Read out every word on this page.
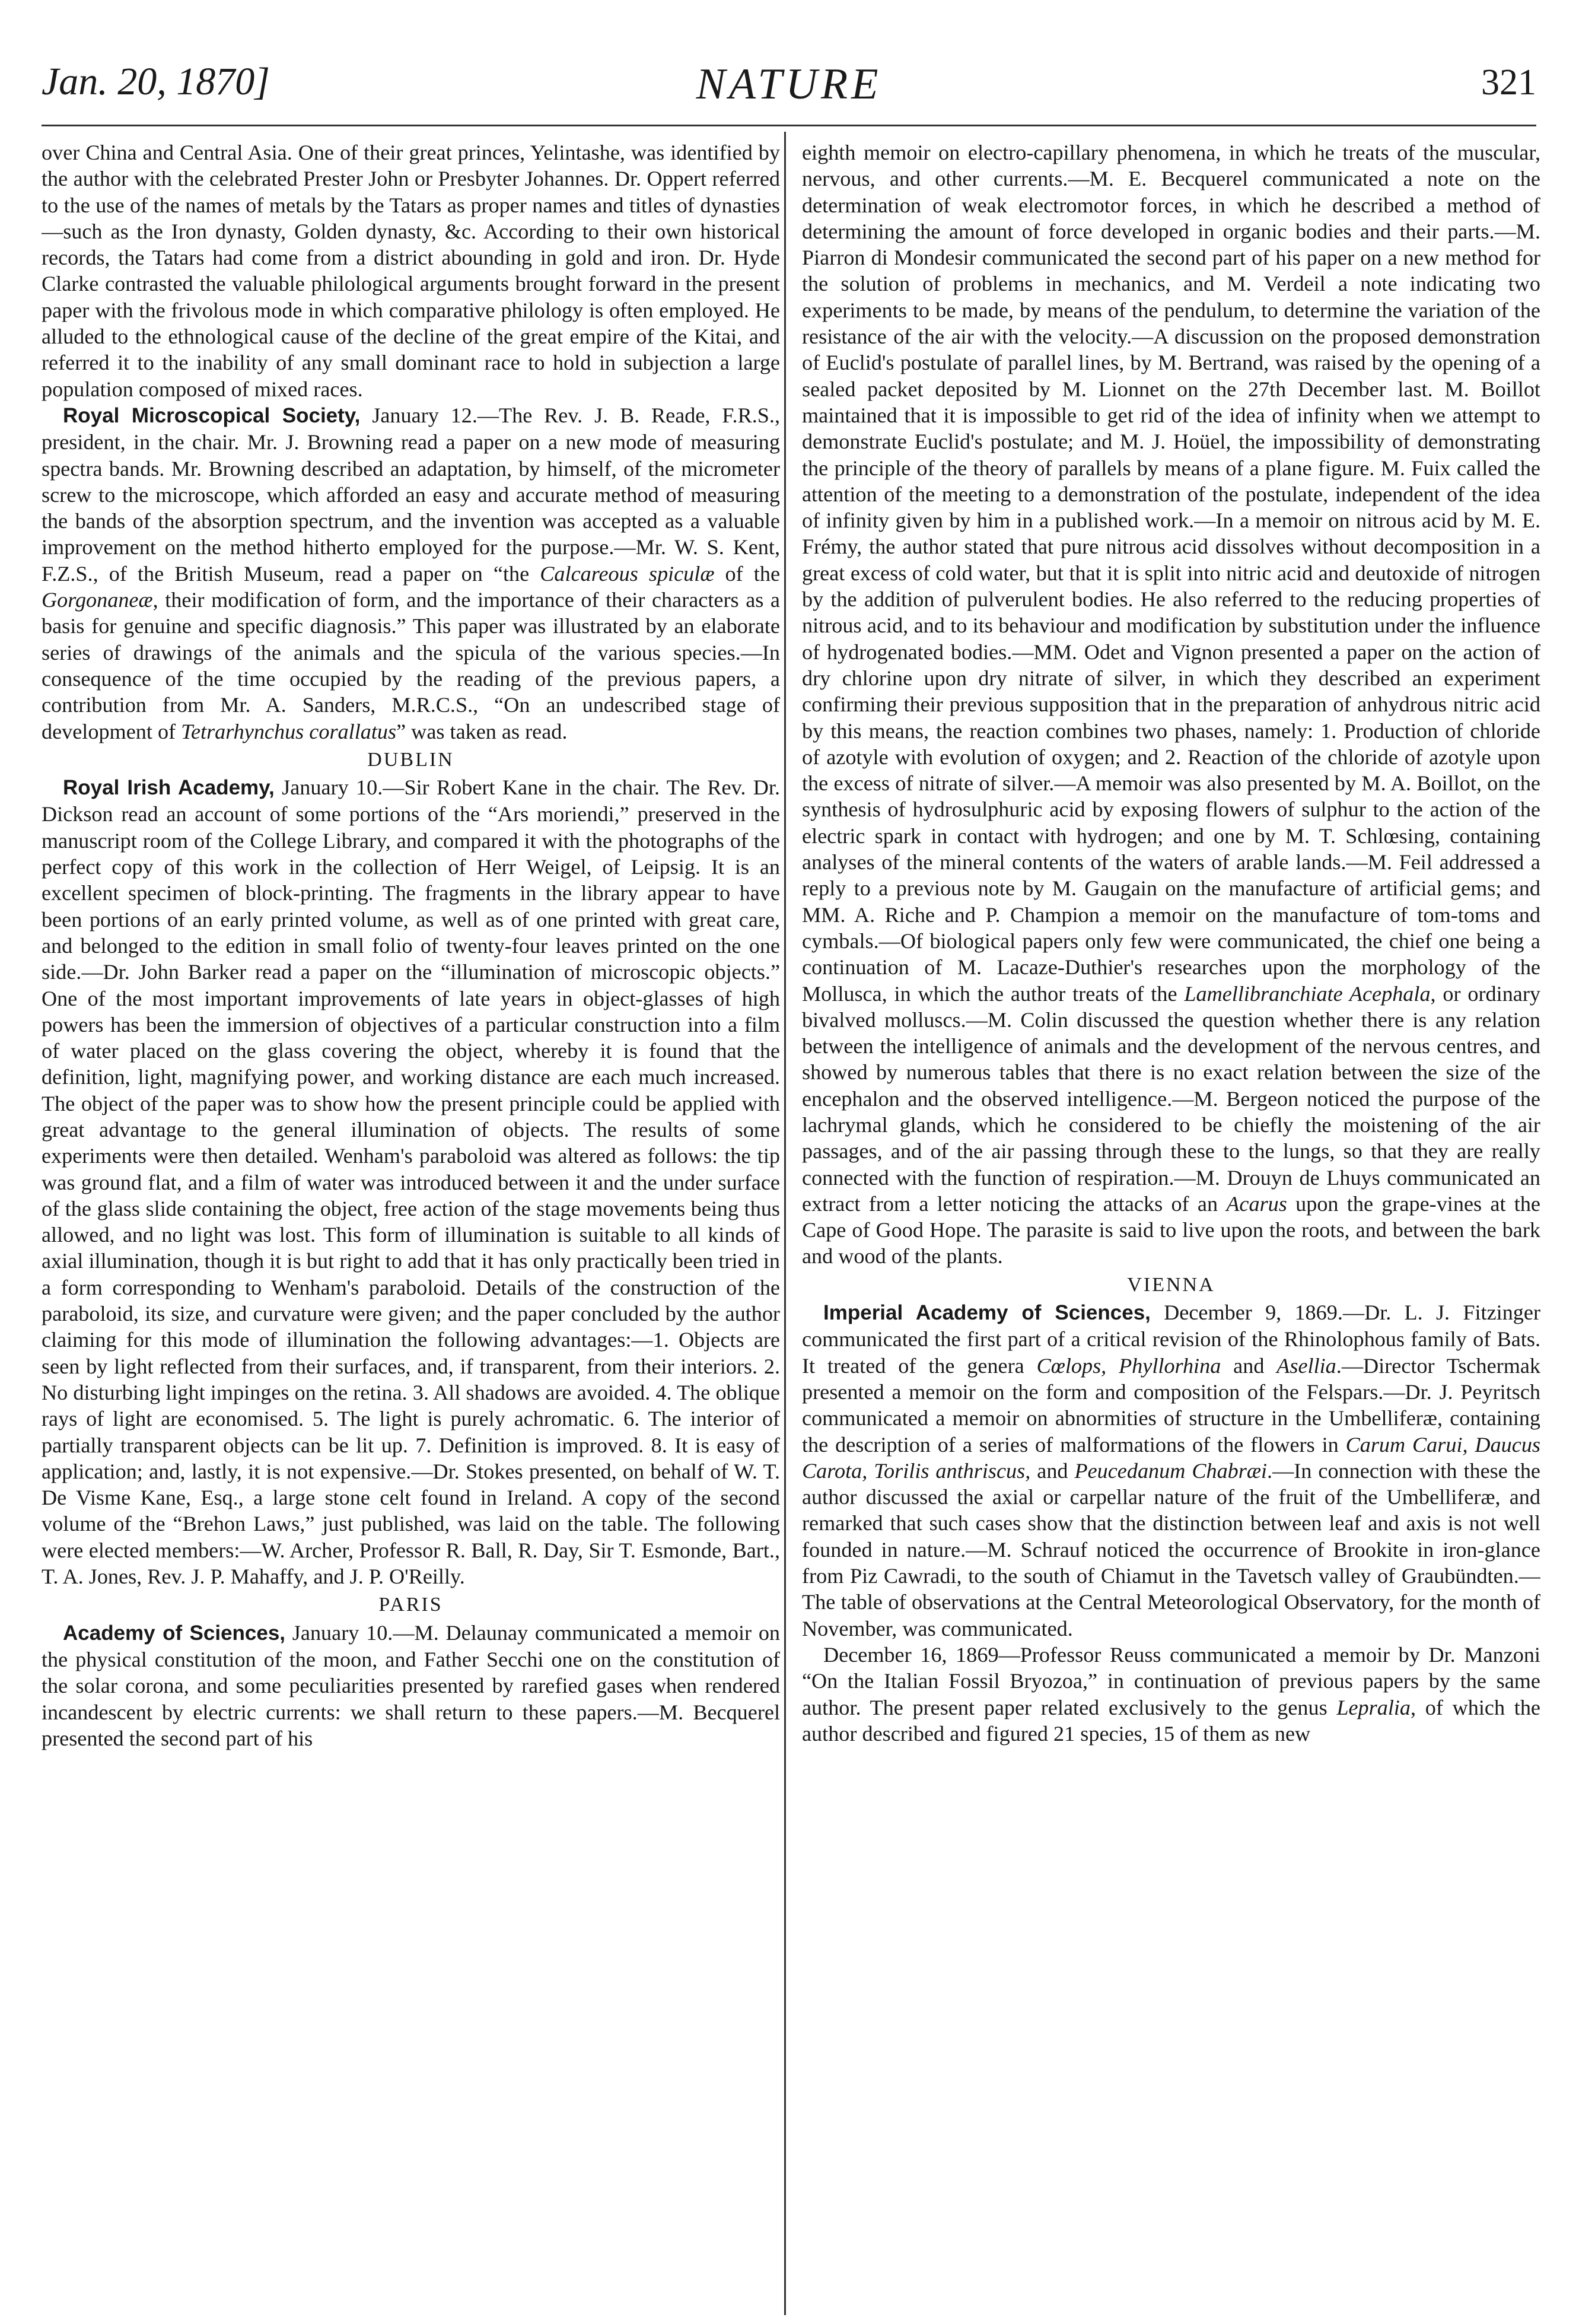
Jan. 20, 1870]	NATURE	321

over China and Central Asia. One of their great princes, Yelintashe, was identified by the author with the celebrated Prester John or Presbyter Johannes. Dr. Oppert referred to the use of the names of metals by the Tatars as proper names and titles of dynasties—such as the Iron dynasty, Golden dynasty, &c. According to their own historical records, the Tatars had come from a district abounding in gold and iron. Dr. Hyde Clarke contrasted the valuable philological arguments brought forward in the present paper with the frivolous mode in which comparative philology is often employed. He alluded to the ethnological cause of the decline of the great empire of the Kitai, and referred it to the inability of any small dominant race to hold in subjection a large population composed of mixed races.

Royal Microscopical Society, January 12.—The Rev. J. B. Reade, F.R.S., president, in the chair. Mr. J. Browning read a paper on a new mode of measuring spectra bands. Mr. Browning described an adaptation, by himself, of the micrometer screw to the microscope, which afforded an easy and accurate method of measuring the bands of the absorption spectrum, and the invention was accepted as a valuable improvement on the method hitherto employed for the purpose.—Mr. W. S. Kent, F.Z.S., of the British Museum, read a paper on “the Calcareous spiculæ of the Gorgonaneæ, their modification of form, and the importance of their characters as a basis for genuine and specific diagnosis.” This paper was illustrated by an elaborate series of drawings of the animals and the spicula of the various species.—In consequence of the time occupied by the reading of the previous papers, a contribution from Mr. A. Sanders, M.R.C.S., “On an undescribed stage of development of Tetrarhynchus corallatus” was taken as read.

DUBLIN

Royal Irish Academy, January 10.—Sir Robert Kane in the chair. The Rev. Dr. Dickson read an account of some portions of the “Ars moriendi,” preserved in the manuscript room of the College Library, and compared it with the photographs of the perfect copy of this work in the collection of Herr Weigel, of Leipsig. It is an excellent specimen of block-printing. The fragments in the library appear to have been portions of an early printed volume, as well as of one printed with great care, and belonged to the edition in small folio of twenty-four leaves printed on the one side.—Dr. John Barker read a paper on the “illumination of microscopic objects.” One of the most important improvements of late years in object-glasses of high powers has been the immersion of objectives of a particular construction into a film of water placed on the glass covering the object, whereby it is found that the definition, light, magnifying power, and working distance are each much increased. The object of the paper was to show how the present principle could be applied with great advantage to the general illumination of objects. The results of some experiments were then detailed. Wenham's paraboloid was altered as follows: the tip was ground flat, and a film of water was introduced between it and the under surface of the glass slide containing the object, free action of the stage movements being thus allowed, and no light was lost. This form of illumination is suitable to all kinds of axial illumination, though it is but right to add that it has only practically been tried in a form corresponding to Wenham's paraboloid. Details of the construction of the paraboloid, its size, and curvature were given; and the paper concluded by the author claiming for this mode of illumination the following advantages:—1. Objects are seen by light reflected from their surfaces, and, if transparent, from their interiors. 2. No disturbing light impinges on the retina. 3. All shadows are avoided. 4. The oblique rays of light are economised. 5. The light is purely achromatic. 6. The interior of partially transparent objects can be lit up. 7. Definition is improved. 8. It is easy of application; and, lastly, it is not expensive.—Dr. Stokes presented, on behalf of W. T. De Visme Kane, Esq., a large stone celt found in Ireland. A copy of the second volume of the “Brehon Laws,” just published, was laid on the table. The following were elected members:—W. Archer, Professor R. Ball, R. Day, Sir T. Esmonde, Bart., T. A. Jones, Rev. J. P. Mahaffy, and J. P. O'Reilly.

PARIS

Academy of Sciences, January 10.—M. Delaunay communicated a memoir on the physical constitution of the moon, and Father Secchi one on the constitution of the solar corona, and some peculiarities presented by rarefied gases when rendered incandescent by electric currents: we shall return to these papers.—M. Becquerel presented the second part of his

eighth memoir on electro-capillary phenomena, in which he treats of the muscular, nervous, and other currents.—M. E. Becquerel communicated a note on the determination of weak electromotor forces, in which he described a method of determining the amount of force developed in organic bodies and their parts.—M. Piarron di Mondesir communicated the second part of his paper on a new method for the solution of problems in mechanics, and M. Verdeil a note indicating two experiments to be made, by means of the pendulum, to determine the variation of the resistance of the air with the velocity.—A discussion on the proposed demonstration of Euclid's postulate of parallel lines, by M. Bertrand, was raised by the opening of a sealed packet deposited by M. Lionnet on the 27th December last. M. Boillot maintained that it is impossible to get rid of the idea of infinity when we attempt to demonstrate Euclid's postulate; and M. J. Hoüel, the impossibility of demonstrating the principle of the theory of parallels by means of a plane figure. M. Fuix called the attention of the meeting to a demonstration of the postulate, independent of the idea of infinity given by him in a published work.—In a memoir on nitrous acid by M. E. Frémy, the author stated that pure nitrous acid dissolves without decomposition in a great excess of cold water, but that it is split into nitric acid and deutoxide of nitrogen by the addition of pulverulent bodies. He also referred to the reducing properties of nitrous acid, and to its behaviour and modification by substitution under the influence of hydrogenated bodies.—MM. Odet and Vignon presented a paper on the action of dry chlorine upon dry nitrate of silver, in which they described an experiment confirming their previous supposition that in the preparation of anhydrous nitric acid by this means, the reaction combines two phases, namely: 1. Production of chloride of azotyle with evolution of oxygen; and 2. Reaction of the chloride of azotyle upon the excess of nitrate of silver.—A memoir was also presented by M. A. Boillot, on the synthesis of hydrosulphuric acid by exposing flowers of sulphur to the action of the electric spark in contact with hydrogen; and one by M. T. Schlœsing, containing analyses of the mineral contents of the waters of arable lands.—M. Feil addressed a reply to a previous note by M. Gaugain on the manufacture of artificial gems; and MM. A. Riche and P. Champion a memoir on the manufacture of tom-toms and cymbals.—Of biological papers only few were communicated, the chief one being a continuation of M. Lacaze-Duthier's researches upon the morphology of the Mollusca, in which the author treats of the Lamellibranchiate Acephala, or ordinary bivalved molluscs.—M. Colin discussed the question whether there is any relation between the intelligence of animals and the development of the nervous centres, and showed by numerous tables that there is no exact relation between the size of the encephalon and the observed intelligence.—M. Bergeon noticed the purpose of the lachrymal glands, which he considered to be chiefly the moistening of the air passages, and of the air passing through these to the lungs, so that they are really connected with the function of respiration.—M. Drouyn de Lhuys communicated an extract from a letter noticing the attacks of an Acarus upon the grape-vines at the Cape of Good Hope. The parasite is said to live upon the roots, and between the bark and wood of the plants.

VIENNA

Imperial Academy of Sciences, December 9, 1869.—Dr. L. J. Fitzinger communicated the first part of a critical revision of the Rhinolophous family of Bats. It treated of the genera Cœlops, Phyllorhina and Asellia.—Director Tschermak presented a memoir on the form and composition of the Felspars.—Dr. J. Peyritsch communicated a memoir on abnormities of structure in the Umbelliferæ, containing the description of a series of malformations of the flowers in Carum Carui, Daucus Carota, Torilis anthriscus, and Peucedanum Chabræi.—In connection with these the author discussed the axial or carpellar nature of the fruit of the Umbelliferæ, and remarked that such cases show that the distinction between leaf and axis is not well founded in nature.—M. Schrauf noticed the occurrence of Brookite in iron-glance from Piz Cawradi, to the south of Chiamut in the Tavetsch valley of Graubündten.—The table of observations at the Central Meteorological Observatory, for the month of November, was communicated.

December 16, 1869—Professor Reuss communicated a memoir by Dr. Manzoni “On the Italian Fossil Bryozoa,” in continuation of previous papers by the same author. The present paper related exclusively to the genus Lepralia, of which the author described and figured 21 species, 15 of them as new
